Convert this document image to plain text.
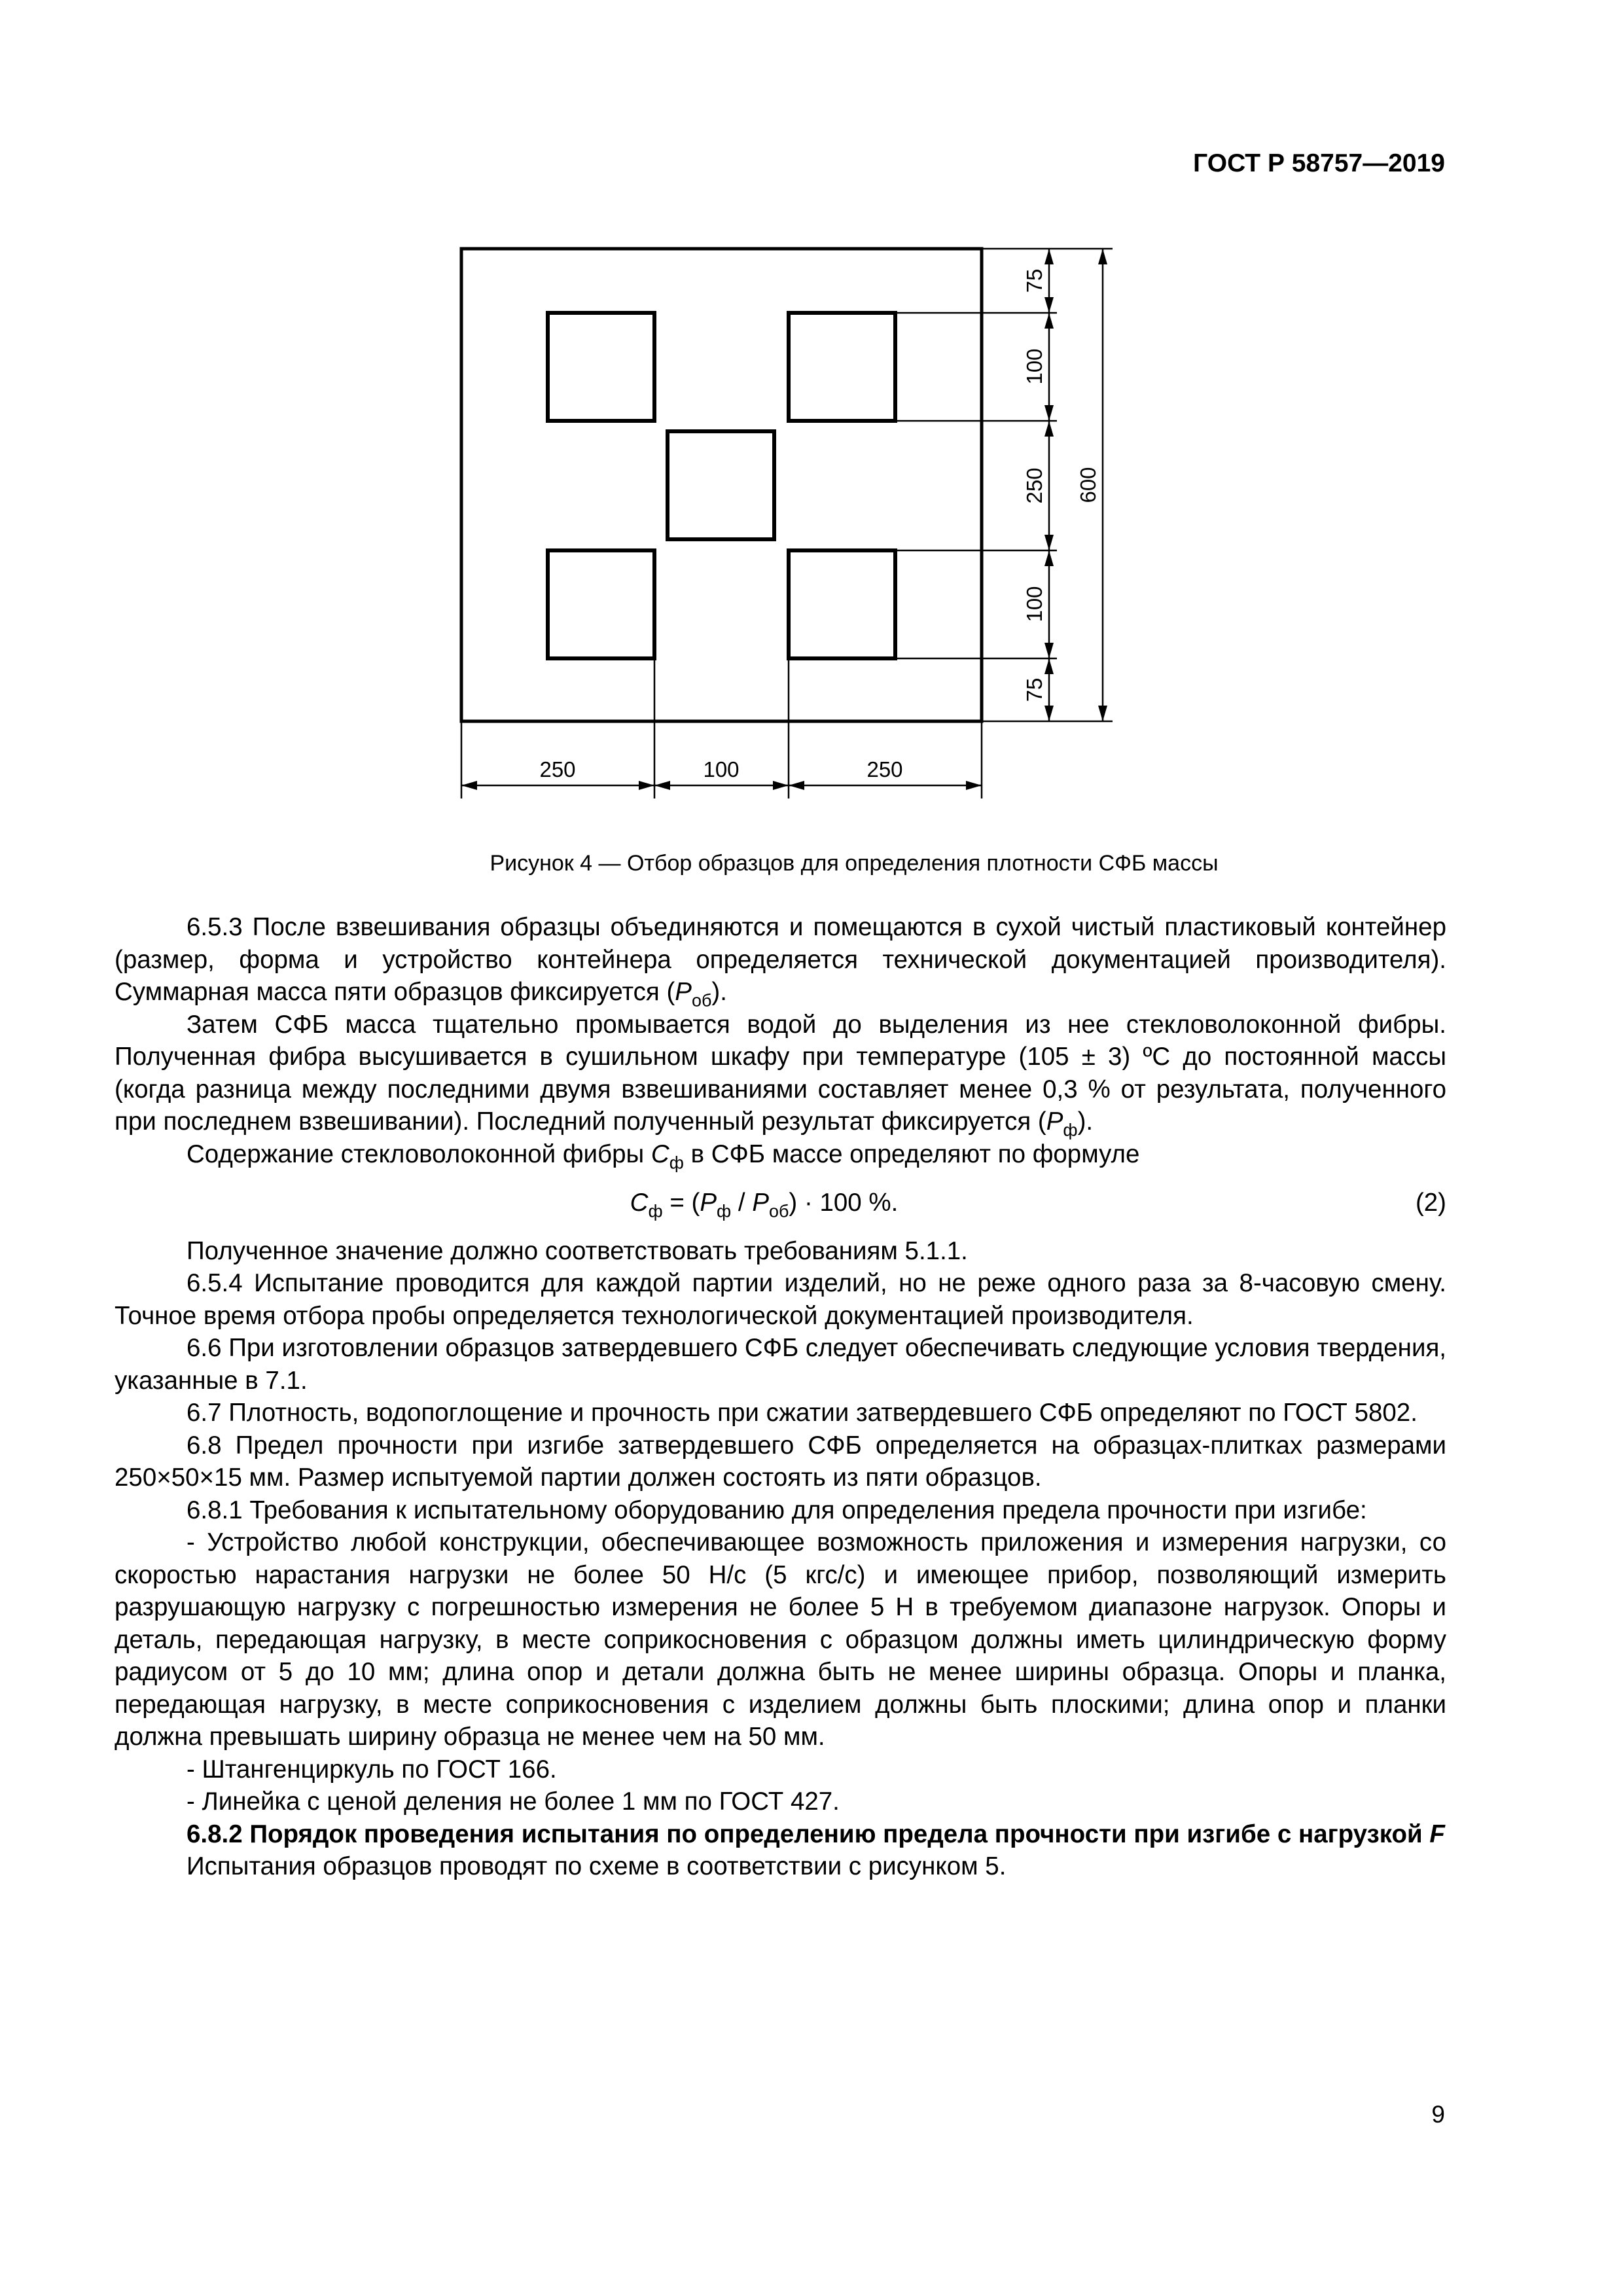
ГОСТ Р 58757—2019
75
100
250
100
75
600
250	100	250
Рисунок 4 — Отбор образцов для определения плотности СФБ массы

6.5.3 После взвешивания образцы объединяются и помещаются в сухой чистый пластиковый контейнер (размер, форма и устройство контейнера определяется технической документацией производителя). Суммарная масса пяти образцов фиксируется $(P_{об})$.

Затем СФБ масса тщательно промывается водой до выделения из нее стекловолоконной фибры. Полученная фибра высушивается в сушильном шкафу при температуре (105 ± 3) ºC до постоянной массы (когда разница между последними двумя взвешиваниями составляет менее 0,3 % от результата, полученного при последнем взвешивании). Последний полученный результат фиксируется $(P_ф)$.

Содержание стекловолоконной фибры $C_ф$ в СФБ массе определяют по формуле

$C_ф = (P_ф / P_{об}) \cdot 100$ %.	(2)

Полученное значение должно соответствовать требованиям 5.1.1.

6.5.4 Испытание проводится для каждой партии изделий, но не реже одного раза за 8-часовую смену. Точное время отбора пробы определяется технологической документацией производителя.

6.6 При изготовлении образцов затвердевшего СФБ следует обеспечивать следующие условия твердения, указанные в 7.1.

6.7 Плотность, водопоглощение и прочность при сжатии затвердевшего СФБ определяют по ГОСТ 5802.

6.8 Предел прочности при изгибе затвердевшего СФБ определяется на образцах-плитках размерами 250×50×15 мм. Размер испытуемой партии должен состоять из пяти образцов.

6.8.1 Требования к испытательному оборудованию для определения предела прочности при изгибе:

- Устройство любой конструкции, обеспечивающее возможность приложения и измерения нагрузки, со скоростью нарастания нагрузки не более 50 Н/с (5 кгс/с) и имеющее прибор, позволяющий измерить разрушающую нагрузку с погрешностью измерения не более 5 Н в требуемом диапазоне нагрузок. Опоры и деталь, передающая нагрузку, в месте соприкосновения с образцом должны иметь цилиндрическую форму радиусом от 5 до 10 мм; длина опор и детали должна быть не менее ширины образца. Опоры и планка, передающая нагрузку, в месте соприкосновения с изделием должны быть плоскими; длина опор и планки должна превышать ширину образца не менее чем на 50 мм.

- Штангенциркуль по ГОСТ 166.

- Линейка с ценой деления не более 1 мм по ГОСТ 427.

6.8.2 Порядок проведения испытания по определению предела прочности при изгибе с нагрузкой F

Испытания образцов проводят по схеме в соответствии с рисунком 5.

9
